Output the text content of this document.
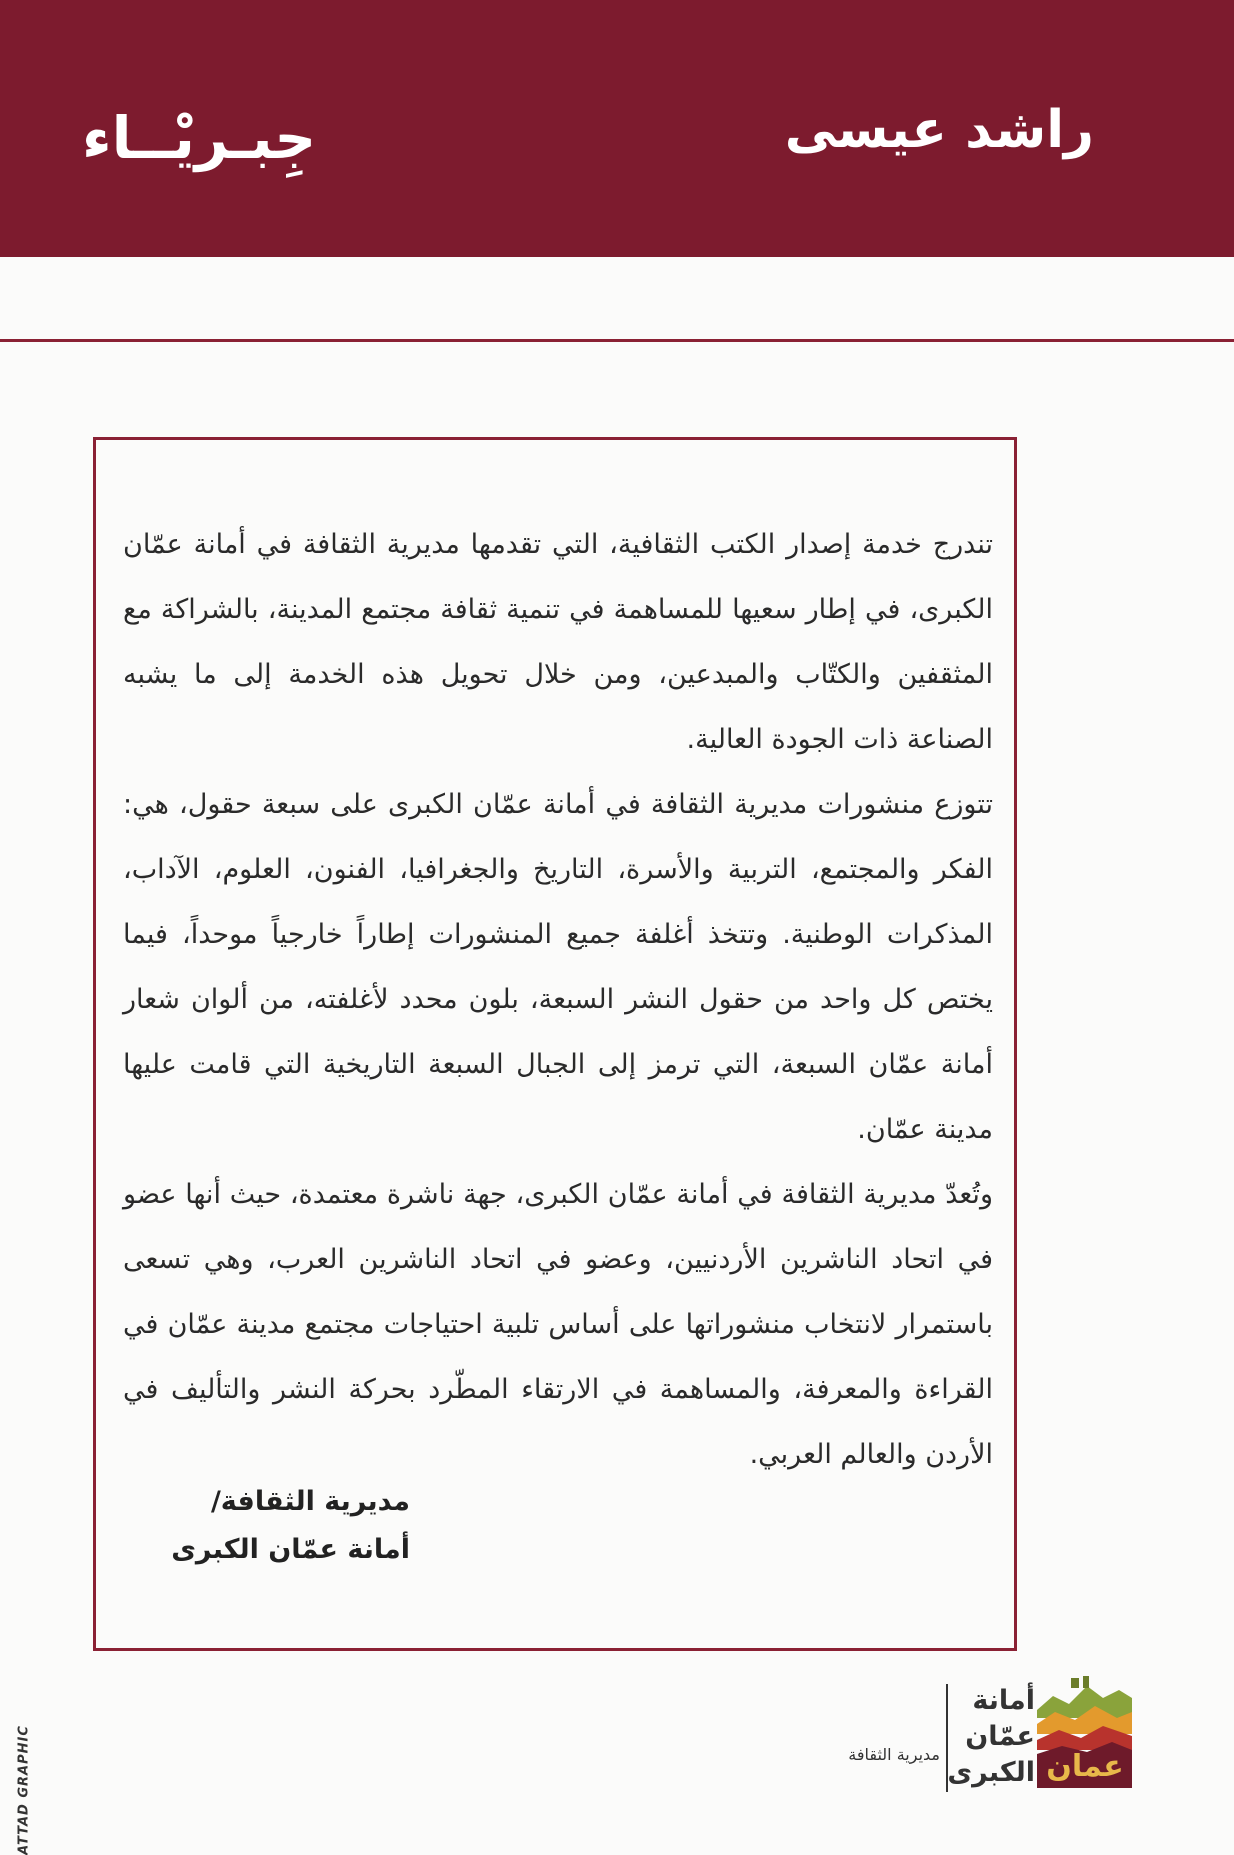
راشد عيسى
جِبـريْــاء

تندرج خدمة إصدار الكتب الثقافية، التي تقدمها مديرية الثقافة في أمانة عمّان الكبرى، في إطار سعيها للمساهمة في تنمية ثقافة مجتمع المدينة، بالشراكة مع المثقفين والكتّاب والمبدعين، ومن خلال تحويل هذه الخدمة إلى ما يشبه الصناعة ذات الجودة العالية.

تتوزع منشورات مديرية الثقافة في أمانة عمّان الكبرى على سبعة حقول، هي: الفكر والمجتمع، التربية والأسرة، التاريخ والجغرافيا، الفنون، العلوم، الآداب، المذكرات الوطنية. وتتخذ أغلفة جميع المنشورات إطاراً خارجياً موحداً، فيما يختص كل واحد من حقول النشر السبعة، بلون محدد لأغلفته، من ألوان شعار أمانة عمّان السبعة، التي ترمز إلى الجبال السبعة التاريخية التي قامت عليها مدينة عمّان.

وتُعدّ مديرية الثقافة في أمانة عمّان الكبرى، جهة ناشرة معتمدة، حيث أنها عضو في اتحاد الناشرين الأردنيين، وعضو في اتحاد الناشرين العرب، وهي تسعى باستمرار لانتخاب منشوراتها على أساس تلبية احتياجات مجتمع مدينة عمّان في القراءة والمعرفة، والمساهمة في الارتقاء المطّرد بحركة النشر والتأليف في الأردن والعالم العربي.

مديرية الثقافة/
أمانة عمّان الكبرى
مديرية الثقافة
أمانة
عمّان
الكبرى عمان
ATTAD GRAPHIC
